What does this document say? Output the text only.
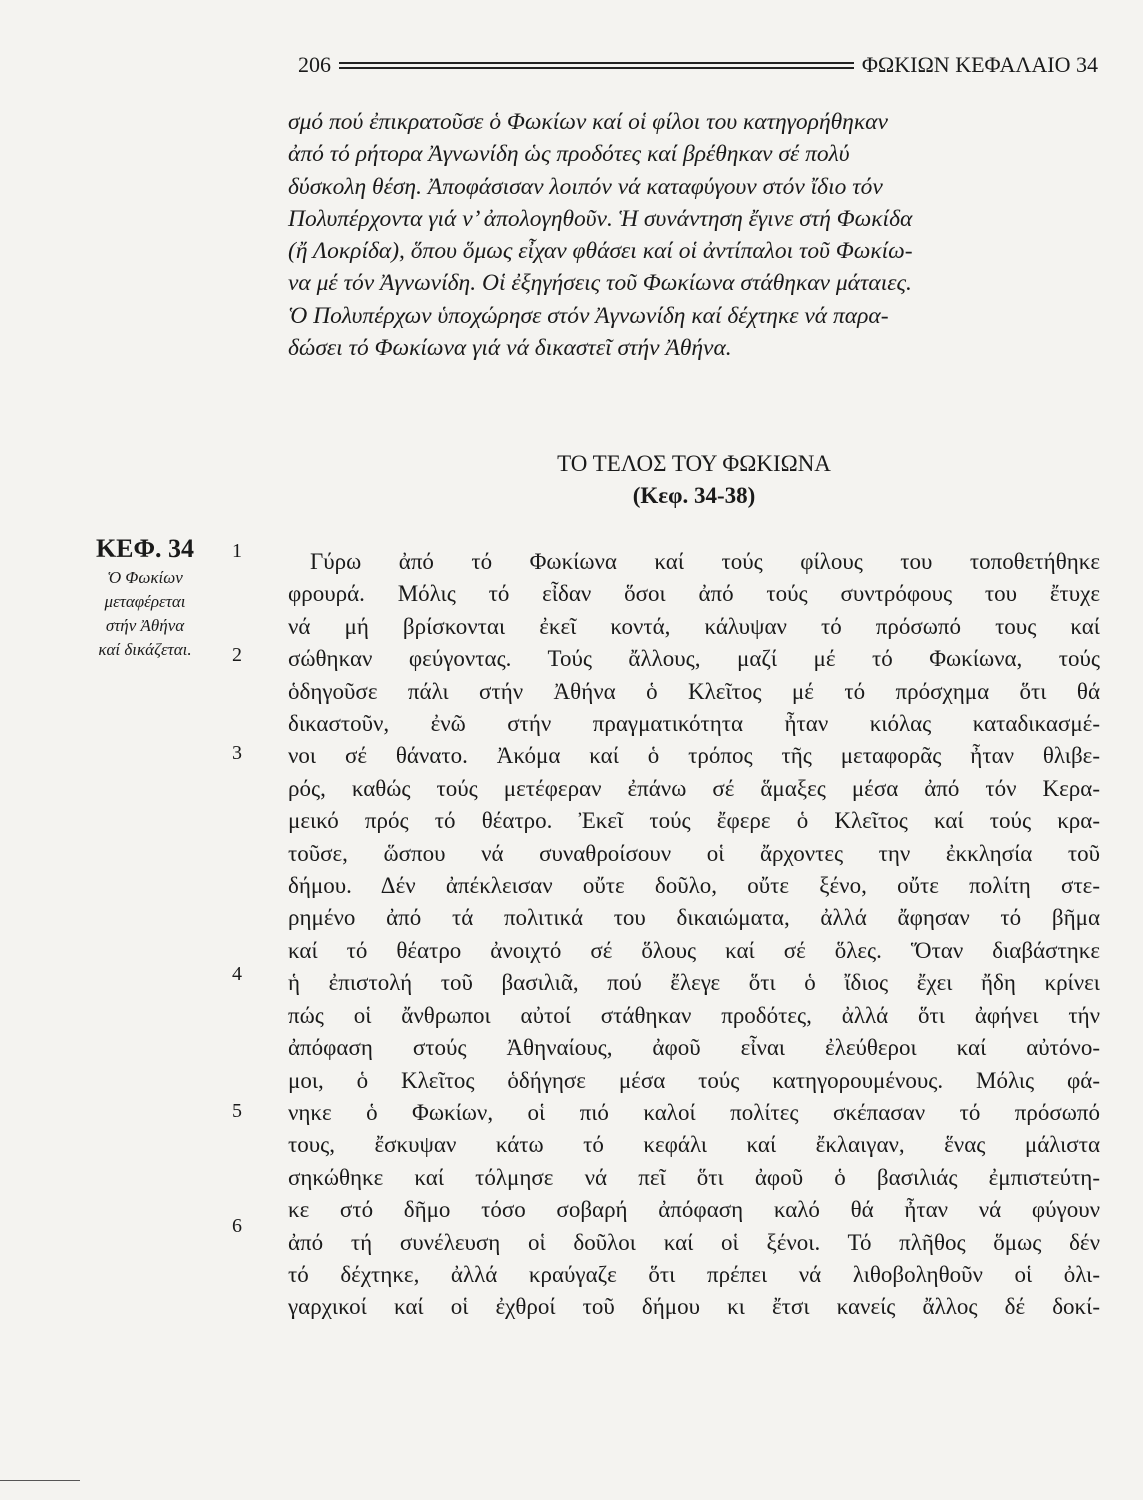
206	ΦΩΚΙΩΝ ΚΕΦΑΛΑΙΟ 34
σμό πού ἐπικρατοῦσε ὁ Φωκίων καί οἱ φίλοι του κατηγορήθηκαν
ἀπό τό ρήτορα Ἀγνωνίδη ὡς προδότες καί βρέθηκαν σέ πολύ
δύσκολη θέση. Ἀποφάσισαν λοιπόν νά καταφύγουν στόν ἴδιο τόν
Πολυπέρχοντα γιά ν’ ἀπολογηθοῦν. Ἡ συνάντηση ἔγινε στή Φωκίδα
(ἤ Λοκρίδα), ὅπου ὅμως εἶχαν φθάσει καί οἱ ἀντίπαλοι τοῦ Φωκίω-
να μέ τόν Ἀγνωνίδη. Οἱ ἐξηγήσεις τοῦ Φωκίωνα στάθηκαν μάταιες.
Ὁ Πολυπέρχων ὑποχώρησε στόν Ἀγνωνίδη καί δέχτηκε νά παρα-
δώσει τό Φωκίωνα γιά νά δικαστεῖ στήν Ἀθήνα.
ΤΟ ΤΕΛΟΣ ΤΟΥ ΦΩΚΙΩΝΑ
(Κεφ. 34-38)
ΚΕΦ. 34
Ὁ Φωκίων
μεταφέρεται
στήν Ἀθήνα
καί δικάζεται.
1
2
3
4
5
6
Γύρω ἀπό τό Φωκίωνα καί τούς φίλους του τοποθετήθηκε
φρουρά. Μόλις τό εἶδαν ὅσοι ἀπό τούς συντρόφους του ἔτυχε
νά μή βρίσκονται ἐκεῖ κοντά, κάλυψαν τό πρόσωπό τους καί
σώθηκαν φεύγοντας. Τούς ἄλλους, μαζί μέ τό Φωκίωνα, τούς
ὁδηγοῦσε πάλι στήν Ἀθήνα ὁ Κλεῖτος μέ τό πρόσχημα ὅτι θά
δικαστοῦν, ἐνῶ στήν πραγματικότητα ἦταν κιόλας καταδικασμέ-
νοι σέ θάνατο. Ἀκόμα καί ὁ τρόπος τῆς μεταφορᾶς ἦταν θλιβε-
ρός, καθώς τούς μετέφεραν ἐπάνω σέ ἅμαξες μέσα ἀπό τόν Κερα-
μεικό πρός τό θέατρο. Ἐκεῖ τούς ἔφερε ὁ Κλεῖτος καί τούς κρα-
τοῦσε, ὥσπου νά συναθροίσουν οἱ ἄρχοντες την ἐκκλησία τοῦ
δήμου. Δέν ἀπέκλεισαν οὔτε δοῦλο, οὔτε ξένο, οὔτε πολίτη στε-
ρημένο ἀπό τά πολιτικά του δικαιώματα, ἀλλά ἄφησαν τό βῆμα
καί τό θέατρο ἀνοιχτό σέ ὅλους καί σέ ὅλες. Ὅταν διαβάστηκε
ἡ ἐπιστολή τοῦ βασιλιᾶ, πού ἔλεγε ὅτι ὁ ἴδιος ἔχει ἤδη κρίνει
πώς οἱ ἄνθρωποι αὐτοί στάθηκαν προδότες, ἀλλά ὅτι ἀφήνει τήν
ἀπόφαση στούς Ἀθηναίους, ἀφοῦ εἶναι ἐλεύθεροι καί αὐτόνο-
μοι, ὁ Κλεῖτος ὁδήγησε μέσα τούς κατηγορουμένους. Μόλις φά-
νηκε ὁ Φωκίων, οἱ πιό καλοί πολίτες σκέπασαν τό πρόσωπό
τους, ἔσκυψαν κάτω τό κεφάλι καί ἔκλαιγαν, ἕνας μάλιστα
σηκώθηκε καί τόλμησε νά πεῖ ὅτι ἀφοῦ ὁ βασιλιάς ἐμπιστεύτη-
κε στό δῆμο τόσο σοβαρή ἀπόφαση καλό θά ἦταν νά φύγουν
ἀπό τή συνέλευση οἱ δοῦλοι καί οἱ ξένοι. Τό πλῆθος ὅμως δέν
τό δέχτηκε, ἀλλά κραύγαζε ὅτι πρέπει νά λιθοβοληθοῦν οἱ ὀλι-
γαρχικοί καί οἱ ἐχθροί τοῦ δήμου κι ἔτσι κανείς ἄλλος δέ δοκί-
